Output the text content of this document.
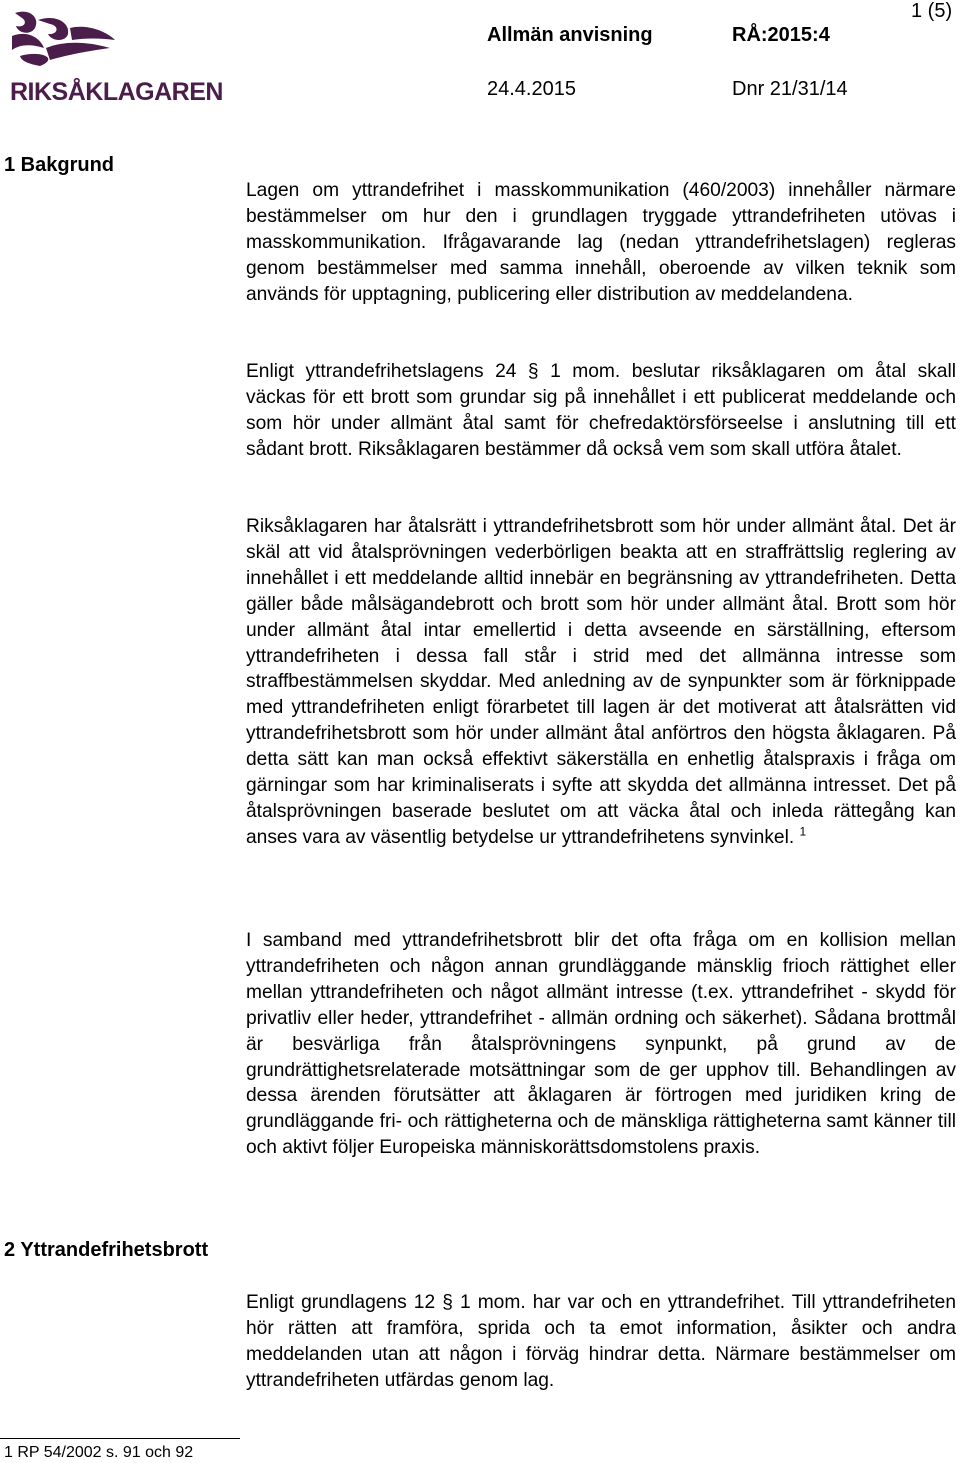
RIKSÅKLAGAREN
Allmän anvisning	RÅ:2015:4
1 (5)
24.4.2015	Dnr 21/31/14
1 Bakgrund

Lagen om yttrandefrihet i masskommunikation (460/2003) innehåller närmare bestämmelser om hur den i grundlagen tryggade yttrandefriheten utövas i masskommunikation. Ifrågavarande lag (nedan yttrandefrihetslagen) regleras genom bestämmelser med samma innehåll, oberoende av vilken teknik som används för upptagning, publicering eller distribution av meddelandena.

Enligt yttrandefrihetslagens 24 § 1 mom. beslutar riksåklagaren om åtal skall väckas för ett brott som grundar sig på innehållet i ett publicerat meddelande och som hör under allmänt åtal samt för chefredaktörsförseelse i anslutning till ett sådant brott. Riksåklagaren bestämmer då också vem som skall utföra åtalet.

Riksåklagaren har åtalsrätt i yttrandefrihetsbrott som hör under allmänt åtal. Det är skäl att vid åtalsprövningen vederbörligen beakta att en straffrättslig reglering av innehållet i ett meddelande alltid innebär en begränsning av yttrandefriheten. Detta gäller både målsägandebrott och brott som hör under allmänt åtal. Brott som hör under allmänt åtal intar emellertid i detta avseende en särställning, eftersom yttrandefriheten i dessa fall står i strid med det allmänna intresse som straffbestämmelsen skyddar. Med anledning av de synpunkter som är förknippade med yttrandefriheten enligt förarbetet till lagen är det motiverat att åtalsrätten vid yttrandefrihetsbrott som hör under allmänt åtal anförtros den högsta åklagaren. På detta sätt kan man också effektivt säkerställa en enhetlig åtalspraxis i fråga om gärningar som har kriminaliserats i syfte att skydda det allmänna intresset. Det på åtalsprövningen baserade beslutet om att väcka åtal och inleda rättegång kan anses vara av väsentlig betydelse ur yttrandefrihetens synvinkel. $^1$

I samband med yttrandefrihetsbrott blir det ofta fråga om en kollision mellan yttrandefriheten och någon annan grundläggande mänsklig frioch rättighet eller mellan yttrandefriheten och något allmänt intresse (t.ex. yttrandefrihet - skydd för privatliv eller heder, yttrandefrihet - allmän ordning och säkerhet). Sådana brottmål är besvärliga från åtalsprövningens synpunkt, på grund av de grundrättighetsrelaterade motsättningar som de ger upphov till. Behandlingen av dessa ärenden förutsätter att åklagaren är förtrogen med juridiken kring de grundläggande fri- och rättigheterna och de mänskliga rättigheterna samt känner till och aktivt följer Europeiska människorättsdomstolens praxis.

2 Yttrandefrihetsbrott

Enligt grundlagens 12 § 1 mom. har var och en yttrandefrihet. Till yttrandefriheten hör rätten att framföra, sprida och ta emot information, åsikter och andra meddelanden utan att någon i förväg hindrar detta. Närmare bestämmelser om yttrandefriheten utfärdas genom lag.

1 RP 54/2002 s. 91 och 92
